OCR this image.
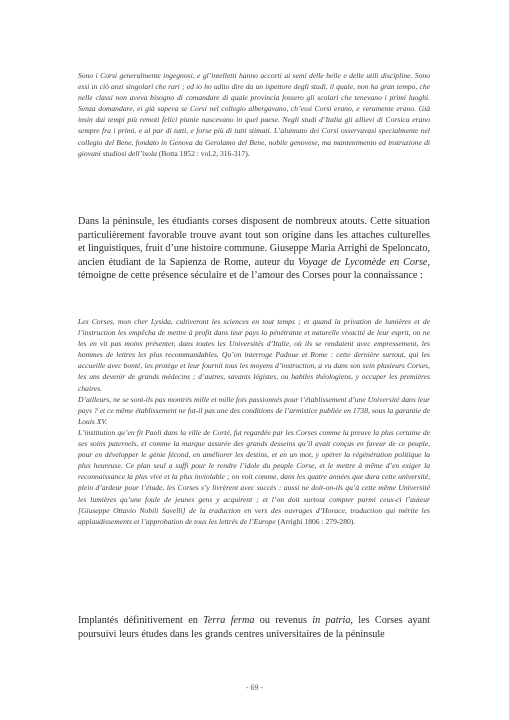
Sono i Corsi generalmente ingegnosi, e gl’intelletti hanno accorti ai semi delle belle e delle utili discipline. Sono essi in ciò anzi singolari che rari ; ed io ho udito dire da un ispettore degli studi, il quale, non ha gran tempo, che nelle classi non aveva bisogno di comandare di quale provincia fossero gli scolari che tenevano i primi luoghi. Senza domandare, ei già sapeva se Corsi nel collegio albergavano, ch’essi Corsi erano, e veramente erano. Già insin dai tempi più remoti felici piante nascevano in quel paese. Negli studi d’Italia gli allievi di Corsica erano sempre fra i primi, e al par di tutti, e forse più di tutti stimati. L’alunnato dei Corsi osservavasi specialmente nel collegio del Bene, fondato in Genova da Gerolamo del Bene, nobile genovese, ma mantenimento ed instruzione di giovani studiosi dell’isola (Botta 1852 : vol.2, 316-317).

Dans la péninsule, les étudiants corses disposent de nombreux atouts. Cette situation particulièrement favorable trouve avant tout son origine dans les attaches culturelles et linguistiques, fruit d’une histoire commune. Giuseppe Maria Arrighi de Speloncato, ancien étudiant de la Sapienza de Rome, auteur du Voyage de Lycomède en Corse, témoigne de cette présence séculaire et de l’amour des Corses pour la connaissance :

Les Corses, mon cher Lysida, cultiveront les sciences en tout temps ; et quand la privation de lumières et de l’instruction les empêcha de mettre à profit dans leur pays la pénétrante et naturelle vivacité de leur esprit, on ne les en vit pas moins présenter, dans toutes les Universités d’Italie, où ils se rendaient avec empressement, les hommes de lettres les plus recommandables. Qu’on interroge Padoue et Rome : cette dernière surtout, qui les accueille avec bonté, les protège et leur fournit tous les moyens d’instruction, a vu dans son sein plusieurs Corses, les uns devenir de grands médecins ; d’autres, savants légistes, ou habiles théologiens, y occuper les premières chaires.

D’ailleurs, ne se sont-ils pas montrés mille et mille fois passionnés pour l’établissement d’une Université dans leur pays ? et ce même établissement ne fut-il pas une des conditions de l’armistice publiée en 1738, sous la garantie de Louis XV.

L’institution qu’en fit Paoli dans la ville de Corté, fut regardée par les Corses comme la preuve la plus certaine de ses soins paternels, et comme la marque assurée des grands desseins qu’il avait conçus en faveur de ce peuple, pour en développer le génie fécond, en améliorer les destins, et en un mot, y opérer la régénération politique la plus heureuse. Ce plan seul a suffi pour le rendre l’idole du peuple Corse, et le mettre à même d’en exiger la reconnaissance la plus vive et la plus inviolable ; on voit comme, dans les quatre années que dura cette université, plein d’ardeur pour l’étude, les Corses s’y livrèrent avec succès : aussi ne doit-on-ils qu’à cette même Université les lumières qu’une foule de jeunes gens y acquirent ; et l’on doit surtout compter parmi ceux-ci l’auteur [Giuseppe Ottavio Nobili Savelli] de la traduction en vers des ouvrages d’Horace, traduction qui mérite les applaudissements et l’approbation de tous les lettrés de l’Europe (Arrighi 1806 : 279-280).

Implantés définitivement en Terra ferma ou revenus in patria, les Corses ayant poursuivi leurs études dans les grands centres universitaires de la péninsule

- 69 -
